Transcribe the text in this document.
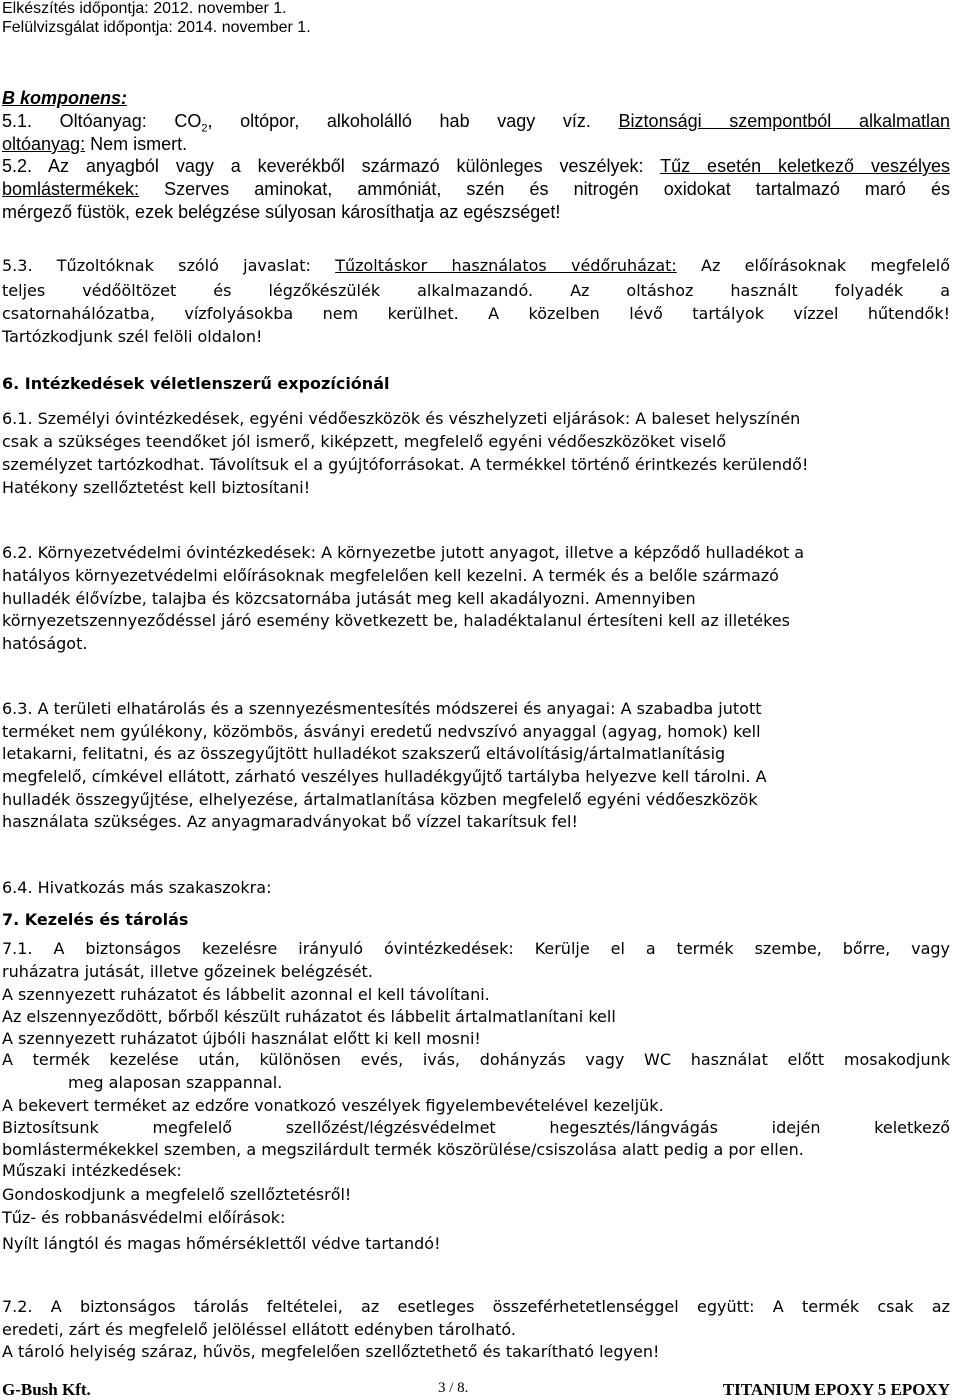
Elkészítés időpontja: 2012. november 1.
Felülvizsgálat időpontja: 2014. november 1.
B komponens:
5.1. Oltóanyag: $CO_2$, oltópor, alkoholálló hab vagy víz. Biztonsági szempontból alkalmatlan
oltóanyag: Nem ismert.
5.2. Az anyagból vagy a keverékből származó különleges veszélyek: Tűz esetén keletkező veszélyes
bomlástermékek: Szerves aminokat, ammóniát, szén és nitrogén oxidokat tartalmazó maró és
mérgező füstök, ezek belégzése súlyosan károsíthatja az egészséget!
5.3. Tűzoltóknak szóló javaslat: Tűzoltáskor használatos védőruházat: Az előírásoknak megfelelő
teljes védőöltözet és légzőkészülék alkalmazandó. Az oltáshoz használt folyadék a
csatornahálózatba, vízfolyásokba nem kerülhet. A közelben lévő tartályok vízzel hűtendők!
Tartózkodjunk szél felöli oldalon!
6. Intézkedések véletlenszerű expozíciónál
6.1. Személyi óvintézkedések, egyéni védőeszközök és vészhelyzeti eljárások: A baleset helyszínén
csak a szükséges teendőket jól ismerő, kiképzett, megfelelő egyéni védőeszközöket viselő
személyzet tartózkodhat. Távolítsuk el a gyújtóforrásokat. A termékkel történő érintkezés kerülendő!
Hatékony szellőztetést kell biztosítani!
6.2. Környezetvédelmi óvintézkedések: A környezetbe jutott anyagot, illetve a képződő hulladékot a
hatályos környezetvédelmi előírásoknak megfelelően kell kezelni. A termék és a belőle származó
hulladék élővízbe, talajba és közcsatornába jutását meg kell akadályozni. Amennyiben
környezetszennyeződéssel járó esemény következett be, haladéktalanul értesíteni kell az illetékes
hatóságot.
6.3. A területi elhatárolás és a szennyezésmentesítés módszerei és anyagai: A szabadba jutott
terméket nem gyúlékony, közömbös, ásványi eredetű nedvszívó anyaggal (agyag, homok) kell
letakarni, felitatni, és az összegyűjtött hulladékot szakszerű eltávolításig/ártalmatlanításig
megfelelő, címkével ellátott, zárható veszélyes hulladékgyűjtő tartályba helyezve kell tárolni. A
hulladék összegyűjtése, elhelyezése, ártalmatlanítása közben megfelelő egyéni védőeszközök
használata szükséges. Az anyagmaradványokat bő vízzel takarítsuk fel!
6.4. Hivatkozás más szakaszokra:
7. Kezelés és tárolás
7.1. A biztonságos kezelésre irányuló óvintézkedések: Kerülje el a termék szembe, bőrre, vagy
ruházatra jutását, illetve gőzeinek belégzését.
A szennyezett ruházatot és lábbelit azonnal el kell távolítani.
Az elszennyeződött, bőrből készült ruházatot és lábbelit ártalmatlanítani kell
A szennyezett ruházatot újbóli használat előtt ki kell mosni!
A termék kezelése után, különösen evés, ivás, dohányzás vagy WC használat előtt mosakodjunk
meg alaposan szappannal.
A bekevert terméket az edzőre vonatkozó veszélyek figyelembevételével kezeljük.
Biztosítsunk megfelelő szellőzést/légzésvédelmet hegesztés/lángvágás idején keletkező
bomlástermékekkel szemben, a megszilárdult termék köszörülése/csiszolása alatt pedig a por ellen.
Műszaki intézkedések:
Gondoskodjunk a megfelelő szellőztetésről!
Tűz- és robbanásvédelmi előírások:
Nyílt lángtól és magas hőmérséklettől védve tartandó!
7.2. A biztonságos tárolás feltételei, az esetleges összeférhetetlenséggel együtt: A termék csak az
eredeti, zárt és megfelelő jelöléssel ellátott edényben tárolható.
A tároló helyiség száraz, hűvös, megfelelően szellőztethető és takarítható legyen!
G-Bush Kft.	3 / 8.	TITANIUM EPOXY 5 EPOXY
